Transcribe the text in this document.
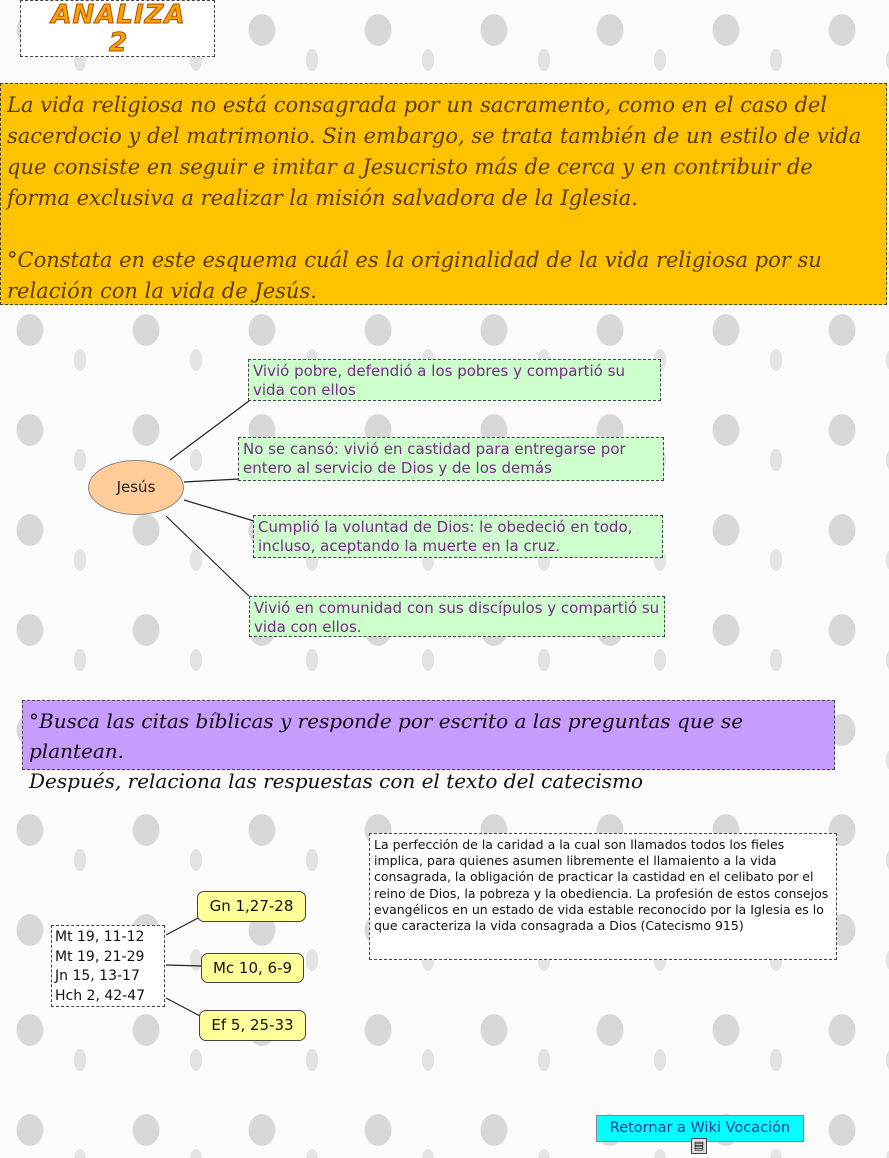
ANALIZA
2

La vida religiosa no está consagrada por un sacramento, como en el caso del sacerdocio y del matrimonio. Sin embargo, se trata también de un estilo de vida que consiste en seguir e imitar a Jesucristo más de cerca y en contribuir de forma exclusiva a realizar la misión salvadora de la Iglesia.

°Constata en este esquema cuál es la originalidad de la vida religiosa por su relación con la vida de Jesús.

Vivió pobre, defendió a los pobres y compartió su vida con ellos
No se cansó: vivió en castidad para entregarse por entero al servicio de Dios y de los demás
Cumplió la voluntad de Dios: le obedeció en todo, incluso, aceptando la muerte en la cruz.
Vivió en comunidad con sus discípulos y compartió su vida con ellos.
Jesús
°Busca las citas bíblicas y responde por escrito a las preguntas que se plantean.
Después, relaciona las respuestas con el texto del catecismo
La perfección de la caridad a la cual son llamados todos los fieles implica, para quienes asumen libremente el llamaiento a la vida consagrada, la obligación de practicar la castidad en el celibato por el reino de Dios, la pobreza y la obediencia. La profesión de estos consejos evangélicos en un estado de vida estable reconocido por la Iglesia es lo que caracteriza la vida consagrada a Dios (Catecismo 915)
Mt 19, 11-12
Mt 19, 21-29
Jn 15, 13-17
Hch 2, 42-47
Gn 1,27-28
Mc 10, 6-9
Ef 5, 25-33
Retornar a Wiki Vocación
▤
